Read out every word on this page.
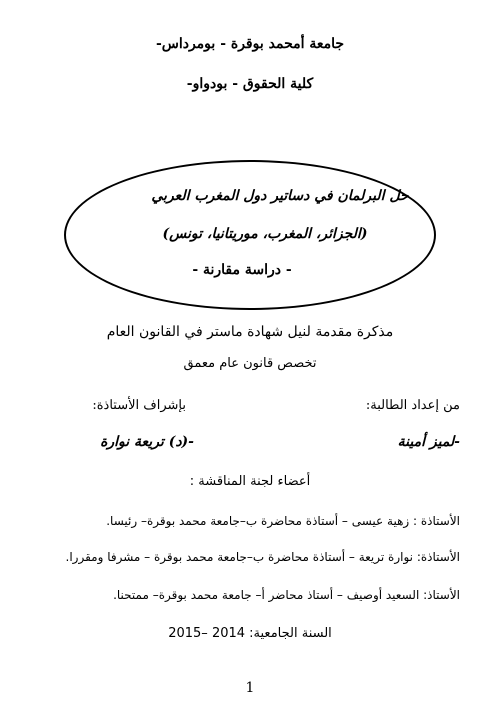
جامعة أمحمد بوقرة - بومرداس-
كلية الحقوق - بودواو-
حل البرلمان في دساتير دول المغرب العربي
(الجزائر، المغرب، موريتانيا، تونس)
- دراسة مقارنة -
مذكرة مقدمة لنيل شهادة ماستر في القانون العام
تخصص قانون عام معمق
من إعداد الطالبة:
بإشراف الأستاذة:
-لميز أمينة
-(د) تريعة نوارة
أعضاء لجنة المناقشة :
الأستاذة : زهية عيسى – أستاذة محاضرة ب–جامعة محمد بوقرة– رئيسا.
الأستاذة: نوارة تريعة – أستاذة محاضرة ب–جامعة محمد بوقرة – مشرفا ومقررا.
الأستاذ: السعيد أوصيف – أستاذ محاضر أ– جامعة محمد بوقرة– ممتحنا.
السنة الجامعية: 2014 –2015
1
